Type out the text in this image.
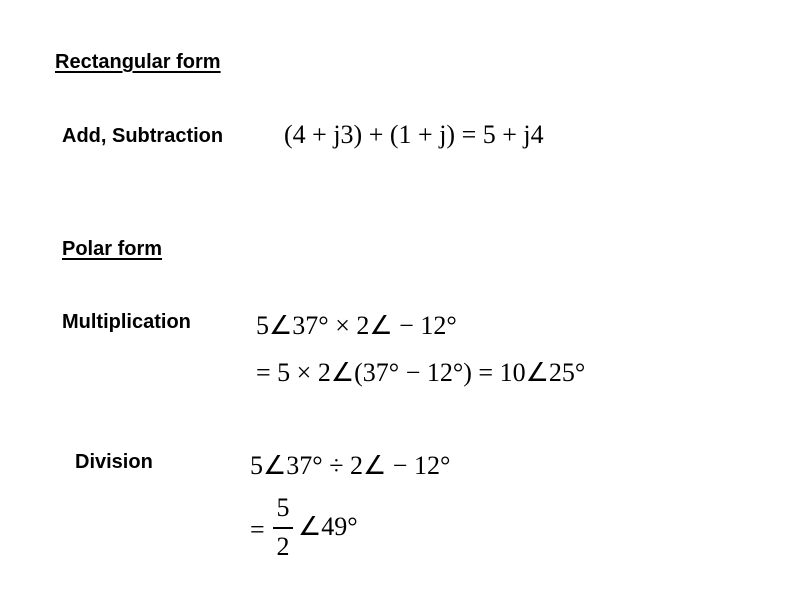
Rectangular form
Add, Subtraction (4 + j3) + (1 + j) = 5 + j4
Polar form
Multiplication	5∠37° × 2∠ − 12°
= 5 × 2∠(37° − 12°) = 10∠25°
Division	5∠37° ÷ 2∠ − 12°
=
5
2
∠49°
